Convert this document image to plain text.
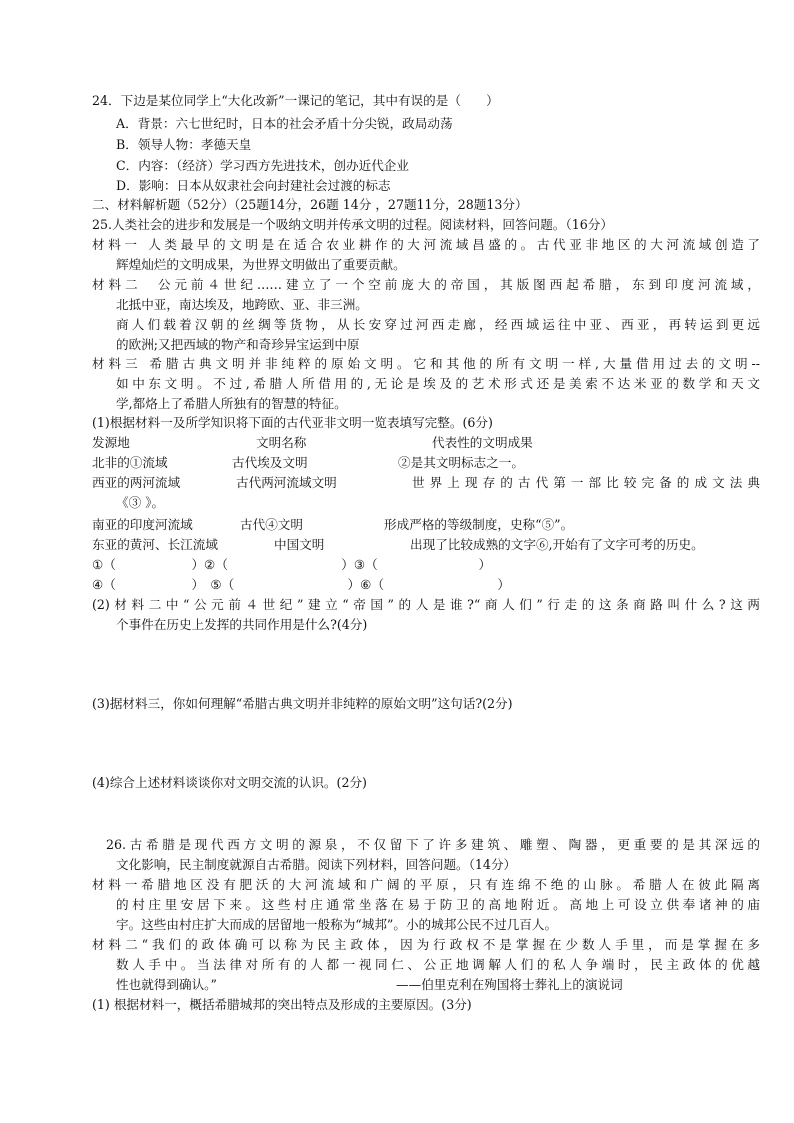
24．下边是某位同学上“大化改新”一课记的笔记，其中有误的是（　　）
A．背景：六七世纪时，日本的社会矛盾十分尖锐，政局动荡
B．领导人物：孝德天皇
C．内容：（经济）学习西方先进技术，创办近代企业
D．影响：日本从奴隶社会向封建社会过渡的标志
二、材料解析题（52分）（25题14分，26题 14分 ，27题11分，28题13分）
25.人类社会的进步和发展是一个吸纳文明并传承文明的过程。阅读材料，回答问题。（16分）
材料一 人类最早的文明是在适合农业耕作的大河流域昌盛的。古代亚非地区的大河流域创造了
辉煌灿烂的文明成果，为世界文明做出了重要贡献。
材料二　公元前４世纪……建立了一个空前庞大的帝国，其版图西起希腊，东到印度河流域，
北抵中亚，南达埃及，地跨欧、亚、非三洲。
商人们载着汉朝的丝绸等货物，从长安穿过河西走廊，经西域运往中亚、西亚，再转运到更远
的欧洲;又把西域的物产和奇珍异宝运到中原
材料三 希腊古典文明并非纯粹的原始文明。它和其他的所有文明一样,大量借用过去的文明--
如中东文明。不过,希腊人所借用的,无论是埃及的艺术形式还是美索不达米亚的数学和天文
学,都烙上了希腊人所独有的智慧的特征。
(1)根据材料一及所学知识将下面的古代亚非文明一览表填写完整。(6分)
发源地	文明名称	代表性的文明成果
北非的①流域	古代埃及文明	②是其文明标志之一。
西亚的两河流域	古代两河流域文明	世界上现存的古代第一部比较完备的成文法典
《③ 》。
南亚的印度河流域	古代④文明	形成严格的等级制度，史称“⑤”。
东亚的黄河、长江流域	中国文明	出现了比较成熟的文字⑥,开始有了文字可考的历史。
①（　　　　　　）②（　　　　　　　　　）③（　　　　　　　　）
④（　　　　　　）　⑤（　　　　　　　　　）⑥（　　　　　　　　　）
(2)材料二中“公元前４世纪”建立“帝国”的人是谁?“商人们”行走的这条商路叫什么?这两
个事件在历史上发挥的共同作用是什么?(4分)
(3)据材料三，你如何理解“希腊古典文明并非纯粹的原始文明”这句话?(2分)
(4)综合上述材料谈谈你对文明交流的认识。(2分)
26.古希腊是现代西方文明的源泉，不仅留下了许多建筑、雕塑、陶器，更重要的是其深远的
文化影响，民主制度就源自古希腊。阅读下列材料，回答问题。（14分）
材料一希腊地区没有肥沃的大河流域和广阔的平原，只有连绵不绝的山脉。希腊人在彼此隔离
的村庄里安居下来。这些村庄通常坐落在易于防卫的高地附近。高地上可设立供奉诸神的庙
宇。这些由村庄扩大而成的居留地一般称为“城邦”。小的城邦公民不过几百人。
材料二“我们的政体确可以称为民主政体，因为行政权不是掌握在少数人手里，而是掌握在多
数人手中。当法律对所有的人都一视同仁、公正地调解人们的私人争端时，民主政体的优越
性也就得到确认。”	——伯里克利在殉国将士葬礼上的演说词
(1) 根据材料一，概括希腊城邦的突出特点及形成的主要原因。(3分)
